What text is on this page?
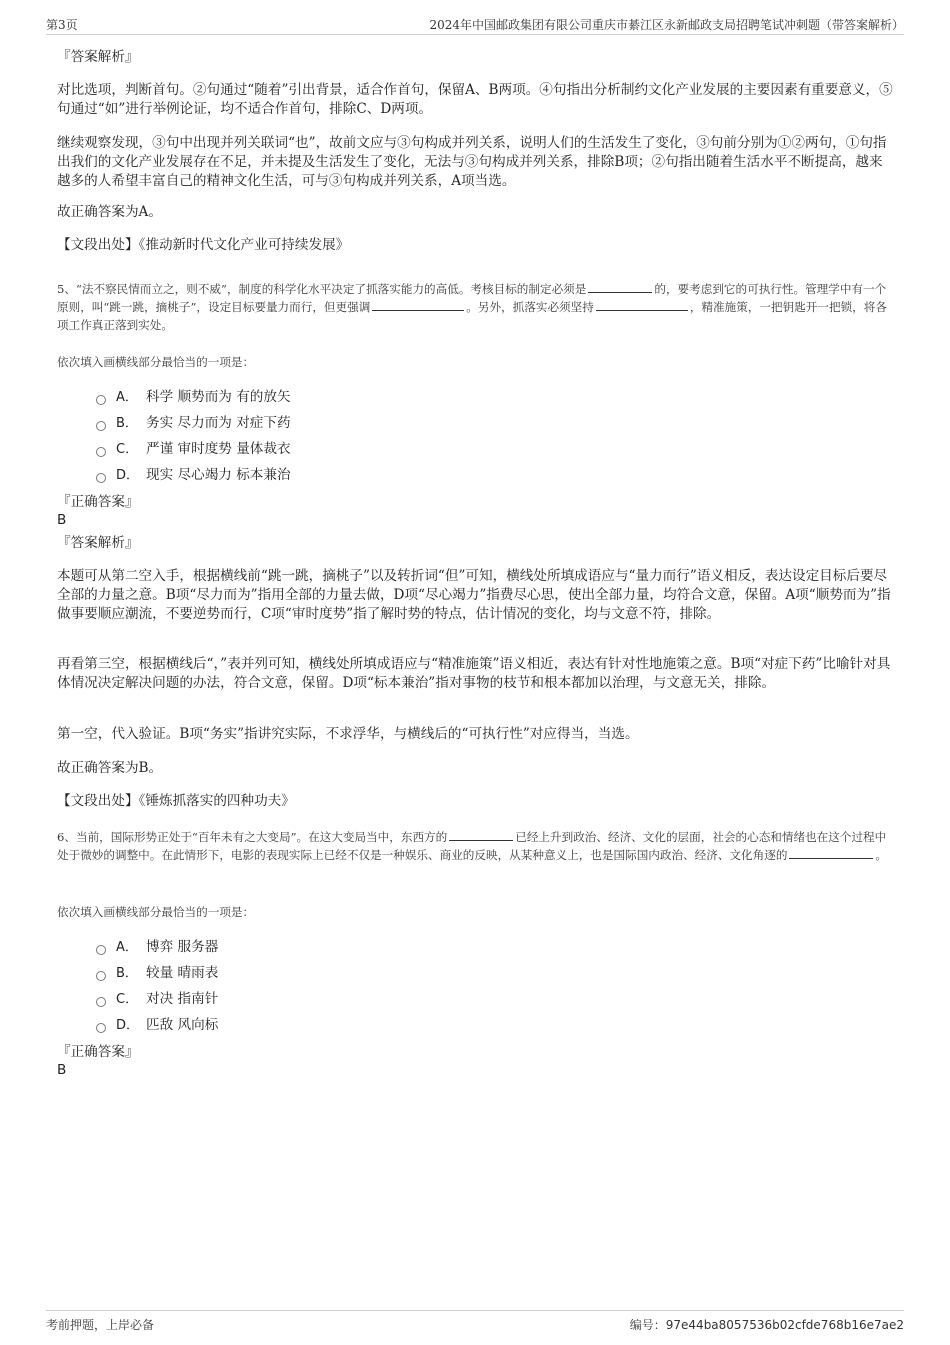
第3页	2024年中国邮政集团有限公司重庆市綦江区永新邮政支局招聘笔试冲刺题（带答案解析）

『答案解析』

对比选项，判断首句。②句通过“随着”引出背景，适合作首句，保留A、B两项。④句指出分析制约文化产业发展的主要因素有重要意义，⑤句通过“如”进行举例论证，均不适合作首句，排除C、D两项。

继续观察发现，③句中出现并列关联词“也”，故前文应与③句构成并列关系，说明人们的生活发生了变化，③句前分别为①②两句，①句指出我们的文化产业发展存在不足，并未提及生活发生了变化，无法与③句构成并列关系，排除B项；②句指出随着生活水平不断提高，越来越多的人希望丰富自己的精神文化生活，可与③句构成并列关系，A项当选。

故正确答案为A。

【文段出处】《推动新时代文化产业可持续发展》

5、“法不察民情而立之，则不威”，制度的科学化水平决定了抓落实能力的高低。考核目标的制定必须是	的，要考虑到它的可执行性。管理学中有一个原则，叫“跳一跳，摘桃子”，设定目标要量力而行，但更强调	。另外，抓落实必须坚持	，精准施策，一把钥匙开一把锁，将各项工作真正落到实处。

依次填入画横线部分最恰当的一项是：

A． 科学 顺势而为 有的放矢
B． 务实 尽力而为 对症下药
C． 严谨 审时度势 量体裁衣
D． 现实 尽心竭力 标本兼治

『正确答案』

B

『答案解析』

本题可从第二空入手，根据横线前“跳一跳，摘桃子”以及转折词“但”可知，横线处所填成语应与“量力而行”语义相反，表达设定目标后要尽全部的力量之意。B项“尽力而为”指用全部的力量去做，D项“尽心竭力”指费尽心思，使出全部力量，均符合文意，保留。A项“顺势而为”指做事要顺应潮流，不要逆势而行，C项“审时度势”指了解时势的特点，估计情况的变化，均与文意不符，排除。

再看第三空，根据横线后“，”表并列可知，横线处所填成语应与“精准施策”语义相近，表达有针对性地施策之意。B项“对症下药”比喻针对具体情况决定解决问题的办法，符合文意，保留。D项“标本兼治”指对事物的枝节和根本都加以治理，与文意无关，排除。

第一空，代入验证。B项“务实”指讲究实际，不求浮华，与横线后的“可执行性”对应得当，当选。

故正确答案为B。

【文段出处】《锤炼抓落实的四种功夫》

6、当前，国际形势正处于“百年未有之大变局”。在这大变局当中，东西方的	已经上升到政治、经济、文化的层面，社会的心态和情绪也在这个过程中处于微妙的调整中。在此情形下，电影的表现实际上已经不仅是一种娱乐、商业的反映，从某种意义上，也是国际国内政治、经济、文化角逐的	。

依次填入画横线部分最恰当的一项是：

A． 博弈 服务器
B． 较量 晴雨表
C． 对决 指南针
D． 匹敌 风向标

『正确答案』

B

考前押题，上岸必备	编号：97e44ba8057536b02cfde768b16e7ae2
